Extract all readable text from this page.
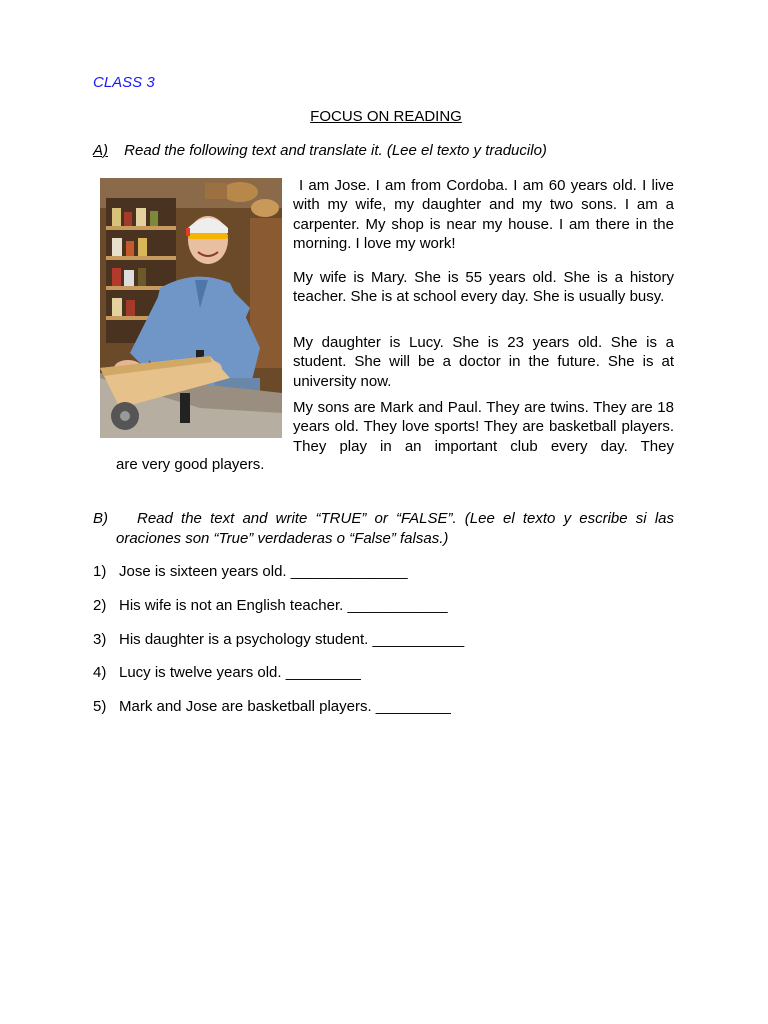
CLASS 3
FOCUS ON READING
A) Read the following text and translate it. (Lee el texto y traducilo)
I am Jose. I am from Cordoba. I am 60 years old. I live with my wife, my daughter and my two sons. I am a carpenter. My shop is near my house. I am there in the morning. I love my work!
My wife is Mary. She is 55 years old. She is a history teacher. She is at school every day. She is usually busy.
My daughter is Lucy. She is 23 years old. She is a student. She will be a doctor in the future. She is at university now.
My sons are Mark and Paul. They are twins. They are 18 years old. They love sports! They are basketball players. They play in an important club every day. They
are very good players.
B)	Read the text and write “TRUE” or “FALSE”. (Lee el texto y escribe si las
oraciones son “True” verdaderas o “False” falsas.)
1) Jose is sixteen years old. ______________
2) His wife is not an English teacher. ____________
3) His daughter is a psychology student. ___________
4) Lucy is twelve years old. _________
5) Mark and Jose are basketball players. _________
